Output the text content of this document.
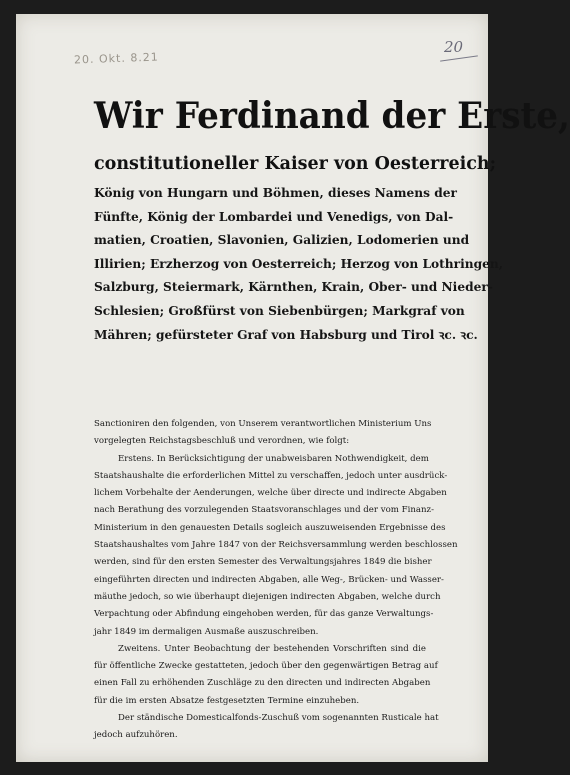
20. Okt. 8.21
20
Wir Ferdinand der Erste,
constitutioneller Kaiser von Oesterreich;
König von Hungarn und Böhmen, dieses Namens der
Fünfte, König der Lombardei und Venedigs, von Dal-
matien, Croatien, Slavonien, Galizien, Lodomerien und
Illirien; Erzherzog von Oesterreich; Herzog von Lothringen,
Salzburg, Steiermark, Kärnthen, Krain, Ober- und Nieder-
Schlesien; Großfürst von Siebenbürgen; Markgraf von
Mähren; gefürsteter Graf von Habsburg und Tirol ꝛc. ꝛc.
Sanctioniren den folgenden, von Unserem verantwortlichen Ministerium Uns
vorgelegten Reichstagsbeschluß und verordnen, wie folgt:
Erstens. In Berücksichtigung der unabweisbaren Nothwendigkeit, dem
Staatshaushalte die erforderlichen Mittel zu verschaffen, jedoch unter ausdrück-
lichem Vorbehalte der Aenderungen, welche über directe und indirecte Abgaben
nach Berathung des vorzulegenden Staatsvoranschlages und der vom Finanz-
Ministerium in den genauesten Details sogleich auszuweisenden Ergebnisse des
Staatshaushaltes vom Jahre 1847 von der Reichsversammlung werden beschlossen
werden, sind für den ersten Semester des Verwaltungsjahres 1849 die bisher
eingeführten directen und indirecten Abgaben, alle Weg-, Brücken- und Wasser-
mäuthe jedoch, so wie überhaupt diejenigen indirecten Abgaben, welche durch
Verpachtung oder Abfindung eingehoben werden, für das ganze Verwaltungs-
jahr 1849 im dermaligen Ausmaße auszuschreiben.
Zweitens. Unter Beobachtung der bestehenden Vorschriften sind die
für öffentliche Zwecke gestatteten, jedoch über den gegenwärtigen Betrag auf
einen Fall zu erhöhenden Zuschläge zu den directen und indirecten Abgaben
für die im ersten Absatze festgesetzten Termine einzuheben.
Der ständische Domesticalfonds-Zuschuß vom sogenannten Rusticale hat
jedoch aufzuhören.
